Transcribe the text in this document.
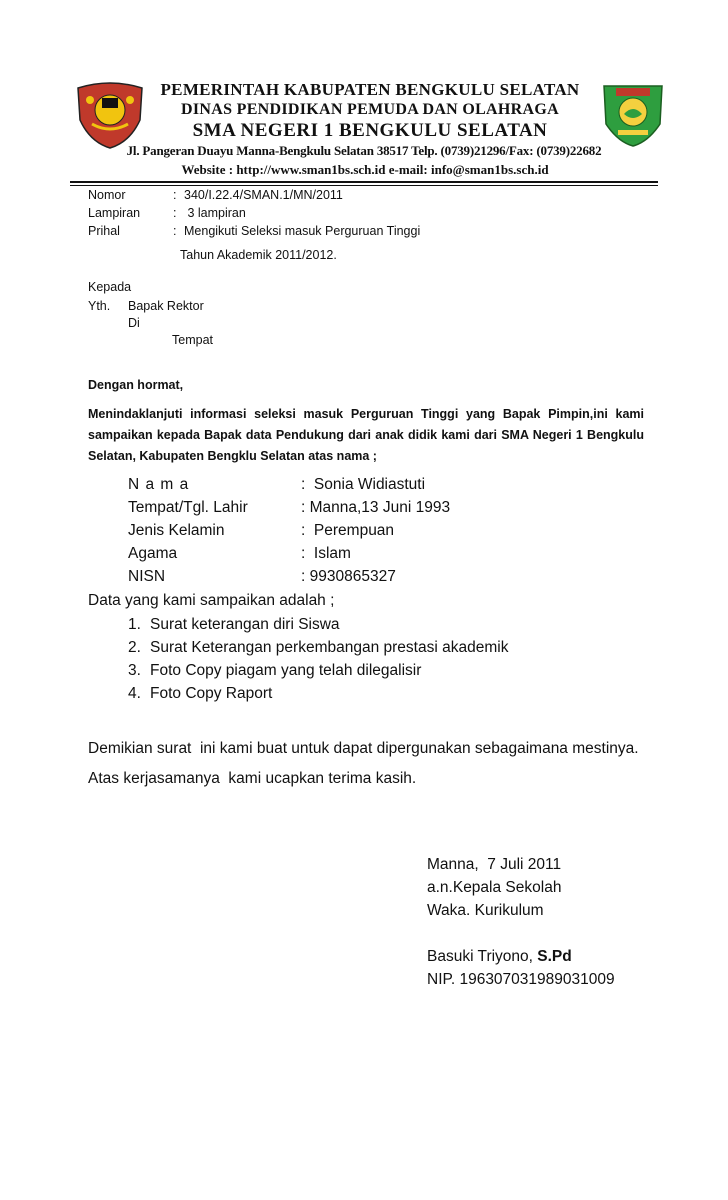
PEMERINTAH KABUPATEN BENGKULU SELATAN
DINAS PENDIDIKAN PEMUDA DAN OLAHRAGA
SMA NEGERI 1 BENGKULU SELATAN
Jl. Pangeran Duayu Manna-Bengkulu Selatan 38517 Telp. (0739)21296/Fax: (0739)22682
Website : http://www.sman1bs.sch.id e-mail: info@sman1bs.sch.id
Nomor	: 340/I.22.4/SMAN.1/MN/2011
Lampiran	: 3 lampiran
Prihal	: Mengikuti Seleksi masuk Perguruan Tinggi
Tahun Akademik 2011/2012.
Kepada
Yth. Bapak Rektor
Di
Tempat
Dengan hormat,
Menindaklanjuti informasi seleksi masuk Perguruan Tinggi yang Bapak Pimpin,ini kami
sampaikan kepada Bapak data Pendukung dari anak didik kami dari SMA Negeri 1 Bengkulu
Selatan, Kabupaten Bengklu Selatan atas nama ;
N a m a	:  Sonia Widiastuti
Tempat/Tgl. Lahir	: Manna,13 Juni 1993
Jenis Kelamin	:  Perempuan
Agama	:  Islam
NISN	: 9930865327
Data yang kami sampaikan adalah ;
1. Surat keterangan diri Siswa
2. Surat Keterangan perkembangan prestasi akademik
3. Foto Copy piagam yang telah dilegalisir
4. Foto Copy Raport
Demikian surat  ini kami buat untuk dapat dipergunakan sebagaimana mestinya.
Atas kerjasamanya  kami ucapkan terima kasih.
Manna,  7 Juli 2011
a.n.Kepala Sekolah
Waka. Kurikulum
Basuki Triyono, S.Pd
NIP. 196307031989031009
